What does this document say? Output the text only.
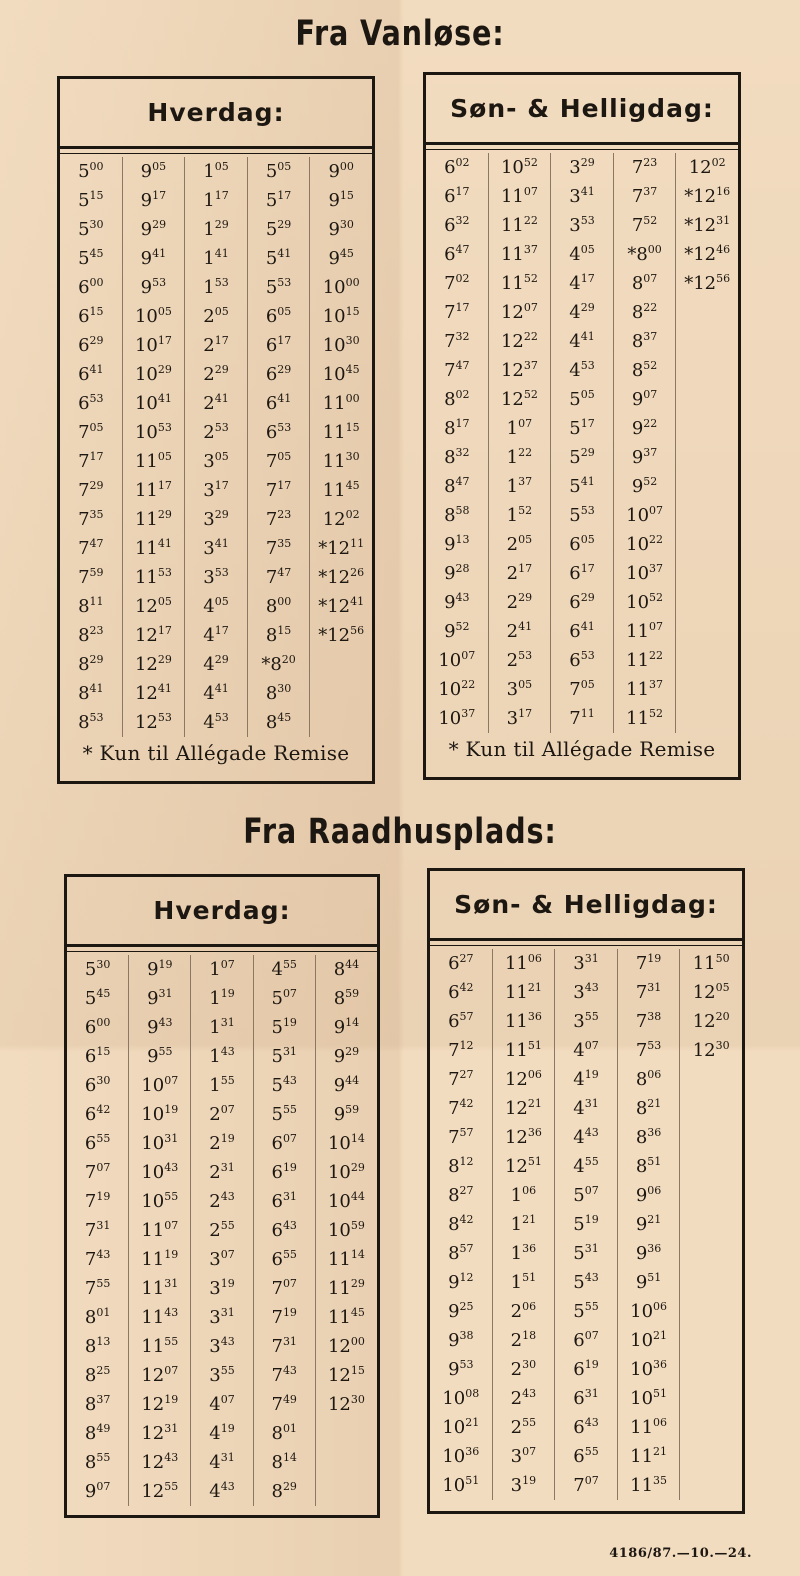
Fra Vanløse:
Hverdag:
$5^{00}$
$5^{15}$
$5^{30}$
$5^{45}$
$6^{00}$
$6^{15}$
$6^{29}$
$6^{41}$
$6^{53}$
$7^{05}$
$7^{17}$
$7^{29}$
$7^{35}$
$7^{47}$
$7^{59}$
$8^{11}$
$8^{23}$
$8^{29}$
$8^{41}$
$8^{53}$
$9^{05}$
$9^{17}$
$9^{29}$
$9^{41}$
$9^{53}$
$10^{05}$
$10^{17}$
$10^{29}$
$10^{41}$
$10^{53}$
$11^{05}$
$11^{17}$
$11^{29}$
$11^{41}$
$11^{53}$
$12^{05}$
$12^{17}$
$12^{29}$
$12^{41}$
$12^{53}$
$1^{05}$
$1^{17}$
$1^{29}$
$1^{41}$
$1^{53}$
$2^{05}$
$2^{17}$
$2^{29}$
$2^{41}$
$2^{53}$
$3^{05}$
$3^{17}$
$3^{29}$
$3^{41}$
$3^{53}$
$4^{05}$
$4^{17}$
$4^{29}$
$4^{41}$
$4^{53}$
$5^{05}$
$5^{17}$
$5^{29}$
$5^{41}$
$5^{53}$
$6^{05}$
$6^{17}$
$6^{29}$
$6^{41}$
$6^{53}$
$7^{05}$
$7^{17}$
$7^{23}$
$7^{35}$
$7^{47}$
$8^{00}$
$8^{15}$
$*8^{20}$
$8^{30}$
$8^{45}$
$9^{00}$
$9^{15}$
$9^{30}$
$9^{45}$
$10^{00}$
$10^{15}$
$10^{30}$
$10^{45}$
$11^{00}$
$11^{15}$
$11^{30}$
$11^{45}$
$12^{02}$
$*12^{11}$
$*12^{26}$
$*12^{41}$
$*12^{56}$
* Kun til Allégade Remise
Søn- & Helligdag:
$6^{02}$
$6^{17}$
$6^{32}$
$6^{47}$
$7^{02}$
$7^{17}$
$7^{32}$
$7^{47}$
$8^{02}$
$8^{17}$
$8^{32}$
$8^{47}$
$8^{58}$
$9^{13}$
$9^{28}$
$9^{43}$
$9^{52}$
$10^{07}$
$10^{22}$
$10^{37}$
$10^{52}$
$11^{07}$
$11^{22}$
$11^{37}$
$11^{52}$
$12^{07}$
$12^{22}$
$12^{37}$
$12^{52}$
$1^{07}$
$1^{22}$
$1^{37}$
$1^{52}$
$2^{05}$
$2^{17}$
$2^{29}$
$2^{41}$
$2^{53}$
$3^{05}$
$3^{17}$
$3^{29}$
$3^{41}$
$3^{53}$
$4^{05}$
$4^{17}$
$4^{29}$
$4^{41}$
$4^{53}$
$5^{05}$
$5^{17}$
$5^{29}$
$5^{41}$
$5^{53}$
$6^{05}$
$6^{17}$
$6^{29}$
$6^{41}$
$6^{53}$
$7^{05}$
$7^{11}$
$7^{23}$
$7^{37}$
$7^{52}$
$*8^{00}$
$8^{07}$
$8^{22}$
$8^{37}$
$8^{52}$
$9^{07}$
$9^{22}$
$9^{37}$
$9^{52}$
$10^{07}$
$10^{22}$
$10^{37}$
$10^{52}$
$11^{07}$
$11^{22}$
$11^{37}$
$11^{52}$
$12^{02}$
$*12^{16}$
$*12^{31}$
$*12^{46}$
$*12^{56}$
* Kun til Allégade Remise
Fra Raadhusplads:
Hverdag:
$5^{30}$
$5^{45}$
$6^{00}$
$6^{15}$
$6^{30}$
$6^{42}$
$6^{55}$
$7^{07}$
$7^{19}$
$7^{31}$
$7^{43}$
$7^{55}$
$8^{01}$
$8^{13}$
$8^{25}$
$8^{37}$
$8^{49}$
$8^{55}$
$9^{07}$
$9^{19}$
$9^{31}$
$9^{43}$
$9^{55}$
$10^{07}$
$10^{19}$
$10^{31}$
$10^{43}$
$10^{55}$
$11^{07}$
$11^{19}$
$11^{31}$
$11^{43}$
$11^{55}$
$12^{07}$
$12^{19}$
$12^{31}$
$12^{43}$
$12^{55}$
$1^{07}$
$1^{19}$
$1^{31}$
$1^{43}$
$1^{55}$
$2^{07}$
$2^{19}$
$2^{31}$
$2^{43}$
$2^{55}$
$3^{07}$
$3^{19}$
$3^{31}$
$3^{43}$
$3^{55}$
$4^{07}$
$4^{19}$
$4^{31}$
$4^{43}$
$4^{55}$
$5^{07}$
$5^{19}$
$5^{31}$
$5^{43}$
$5^{55}$
$6^{07}$
$6^{19}$
$6^{31}$
$6^{43}$
$6^{55}$
$7^{07}$
$7^{19}$
$7^{31}$
$7^{43}$
$7^{49}$
$8^{01}$
$8^{14}$
$8^{29}$
$8^{44}$
$8^{59}$
$9^{14}$
$9^{29}$
$9^{44}$
$9^{59}$
$10^{14}$
$10^{29}$
$10^{44}$
$10^{59}$
$11^{14}$
$11^{29}$
$11^{45}$
$12^{00}$
$12^{15}$
$12^{30}$
Søn- & Helligdag:
$6^{27}$
$6^{42}$
$6^{57}$
$7^{12}$
$7^{27}$
$7^{42}$
$7^{57}$
$8^{12}$
$8^{27}$
$8^{42}$
$8^{57}$
$9^{12}$
$9^{25}$
$9^{38}$
$9^{53}$
$10^{08}$
$10^{21}$
$10^{36}$
$10^{51}$
$11^{06}$
$11^{21}$
$11^{36}$
$11^{51}$
$12^{06}$
$12^{21}$
$12^{36}$
$12^{51}$
$1^{06}$
$1^{21}$
$1^{36}$
$1^{51}$
$2^{06}$
$2^{18}$
$2^{30}$
$2^{43}$
$2^{55}$
$3^{07}$
$3^{19}$
$3^{31}$
$3^{43}$
$3^{55}$
$4^{07}$
$4^{19}$
$4^{31}$
$4^{43}$
$4^{55}$
$5^{07}$
$5^{19}$
$5^{31}$
$5^{43}$
$5^{55}$
$6^{07}$
$6^{19}$
$6^{31}$
$6^{43}$
$6^{55}$
$7^{07}$
$7^{19}$
$7^{31}$
$7^{38}$
$7^{53}$
$8^{06}$
$8^{21}$
$8^{36}$
$8^{51}$
$9^{06}$
$9^{21}$
$9^{36}$
$9^{51}$
$10^{06}$
$10^{21}$
$10^{36}$
$10^{51}$
$11^{06}$
$11^{21}$
$11^{35}$
$11^{50}$
$12^{05}$
$12^{20}$
$12^{30}$
4186/87.—10.—24.
